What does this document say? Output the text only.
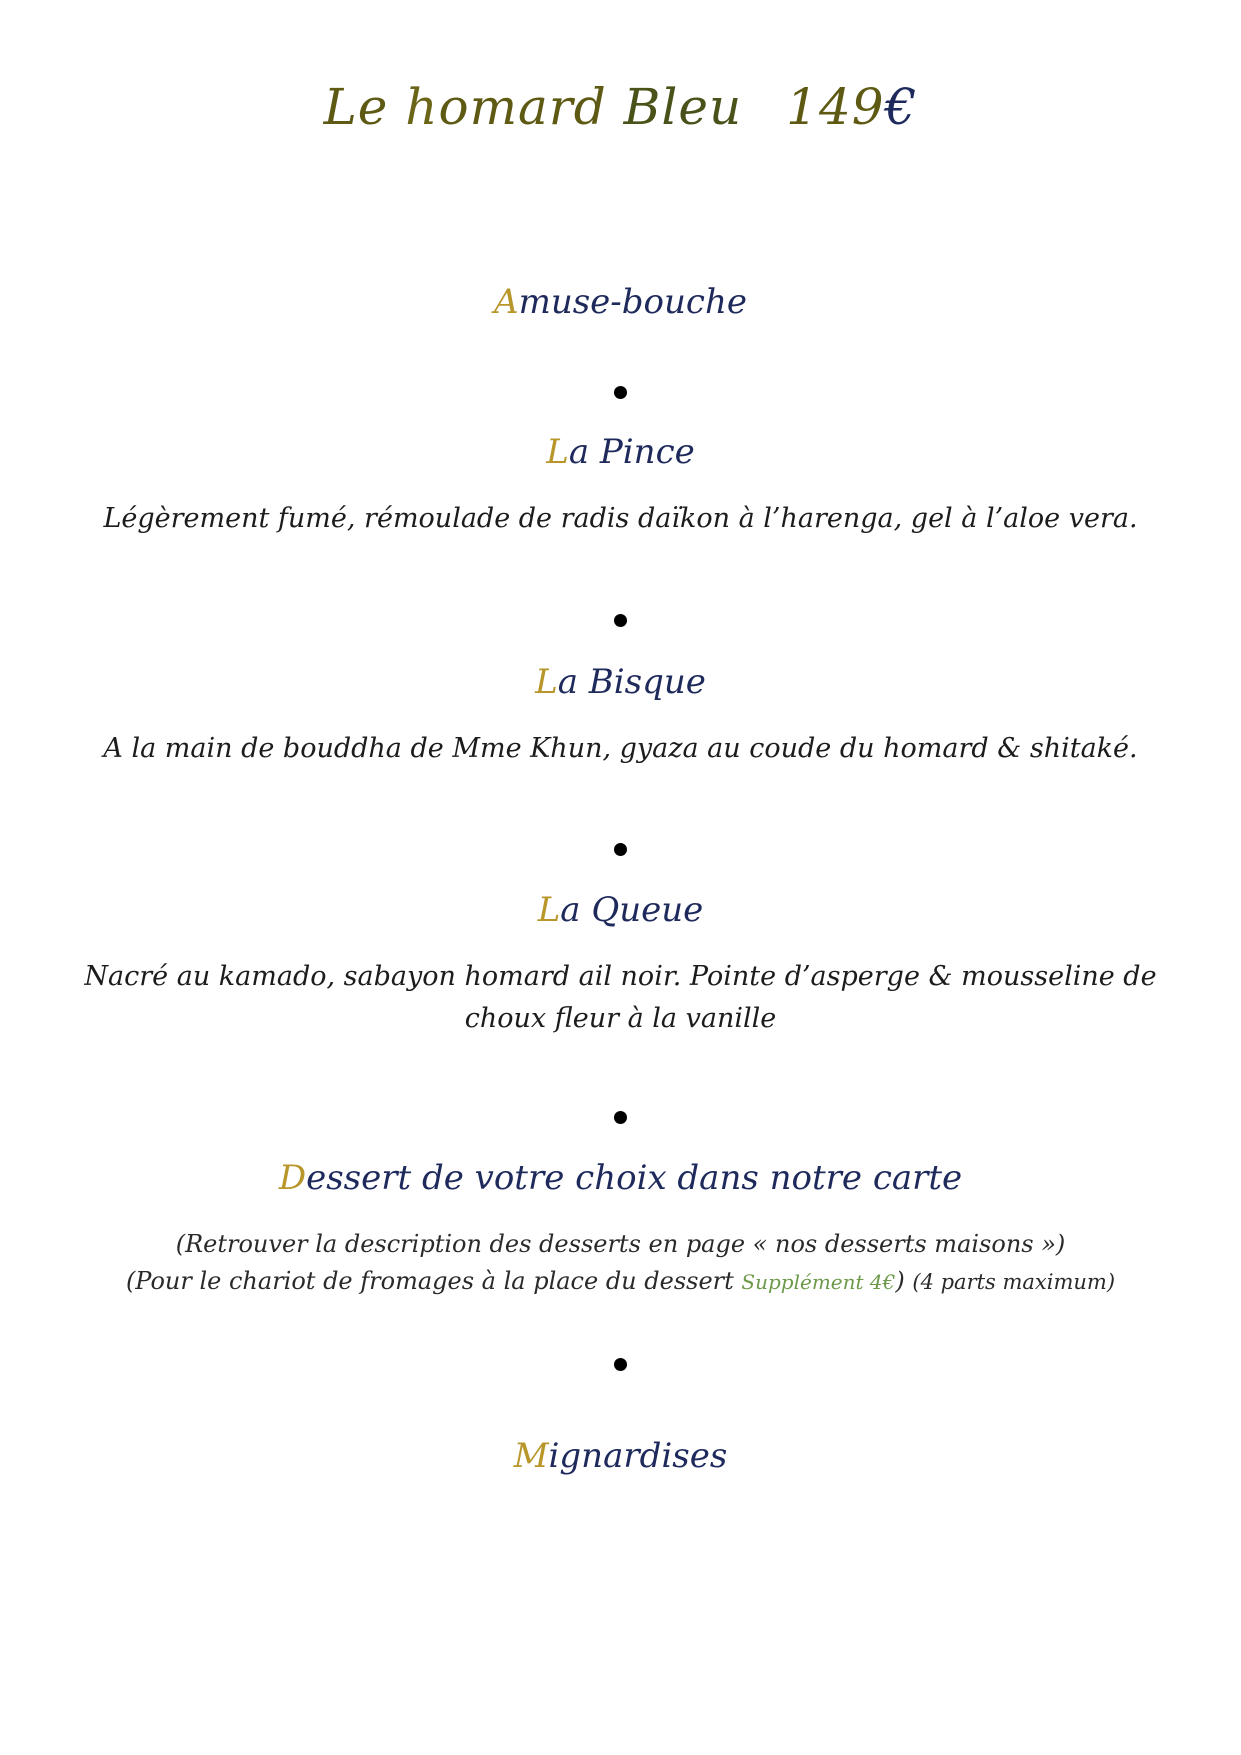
Le homard Bleu 149€
Amuse-bouche
La Pince
Légèrement fumé, rémoulade de radis daïkon à l’harenga, gel à l’aloe vera.
La Bisque
A la main de bouddha de Mme Khun, gyaza au coude du homard & shitaké.
La Queue
Nacré au kamado, sabayon homard ail noir. Pointe d’asperge & mousseline de choux fleur à la vanille
Dessert de votre choix dans notre carte
(Retrouver la description des desserts en page « nos desserts maisons »)
(Pour le chariot de fromages à la place du dessert Supplément 4€) (4 parts maximum)
Mignardises
